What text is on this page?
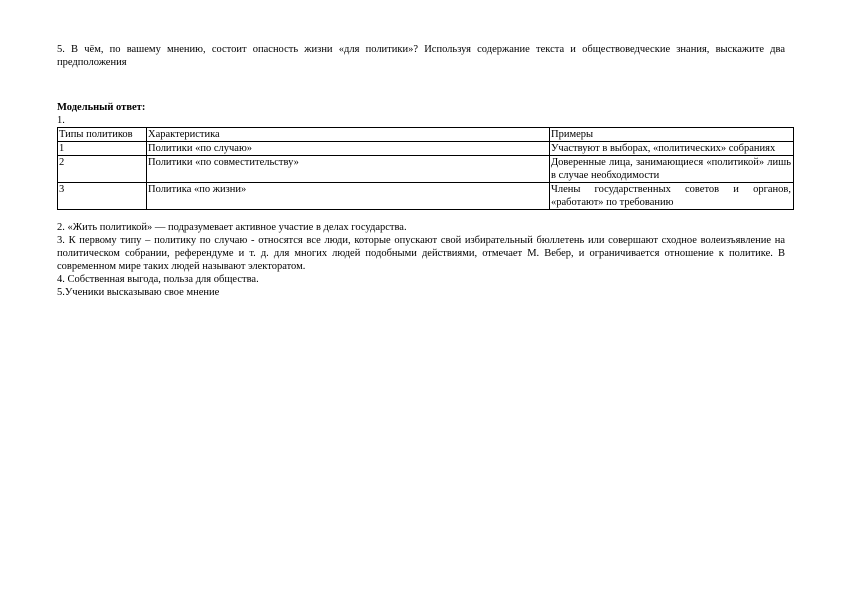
5. В чём, по вашему мнению, состоит опасность жизни «для политики»? Используя содержание текста и обществоведческие знания, выскажите два предположения

Модельный ответ:

1.

Типы политиков	Характеристика	Примеры
1	Политики «по случаю»	Участвуют в выборах, «политических» собраниях
2	Политики «по совместительству»	Доверенные лица, занимающиеся «политикой» лишь в случае необходимости
3	Политика «по жизни»	Члены государственных советов и органов, «работают» по требованию

2. «Жить политикой» — подразумевает активное участие в делах государства.

3. К первому типу – политику по случаю - относятся все люди, которые опускают свой избирательный бюллетень или совершают сходное волеизъявление на политическом собрании, референдуме и т. д. для многих людей подобными действиями, отмечает М. Вебер, и ограничивается отношение к политике. В современном мире таких людей называют электоратом.

4. Собственная выгода, польза для общества.

5.Ученики высказываю свое мнение
